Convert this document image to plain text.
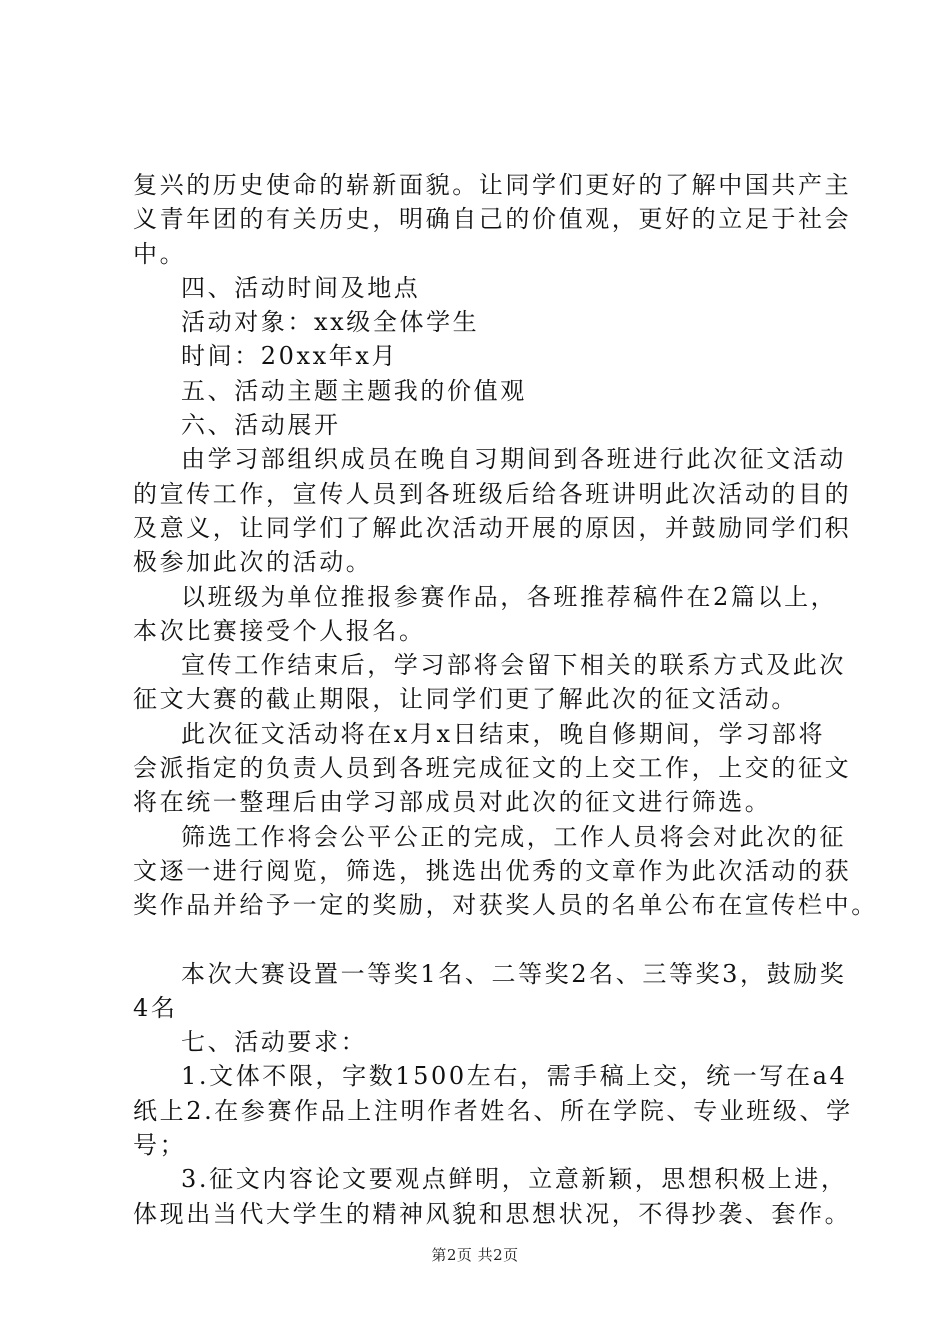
复兴的历史使命的崭新面貌。让同学们更好的了解中国共产主
义青年团的有关历史，明确自己的价值观，更好的立足于社会
中。
四、活动时间及地点
活动对象：xx级全体学生
时间：20xx年x月
五、活动主题主题我的价值观
六、活动展开
由学习部组织成员在晚自习期间到各班进行此次征文活动
的宣传工作，宣传人员到各班级后给各班讲明此次活动的目的
及意义，让同学们了解此次活动开展的原因，并鼓励同学们积
极参加此次的活动。
以班级为单位推报参赛作品，各班推荐稿件在2篇以上，
本次比赛接受个人报名。
宣传工作结束后，学习部将会留下相关的联系方式及此次
征文大赛的截止期限，让同学们更了解此次的征文活动。
此次征文活动将在x月x日结束，晚自修期间，学习部将
会派指定的负责人员到各班完成征文的上交工作，上交的征文
将在统一整理后由学习部成员对此次的征文进行筛选。
筛选工作将会公平公正的完成，工作人员将会对此次的征
文逐一进行阅览，筛选，挑选出优秀的文章作为此次活动的获
奖作品并给予一定的奖励，对获奖人员的名单公布在宣传栏中。
本次大赛设置一等奖1名、二等奖2名、三等奖3，鼓励奖
4名
七、活动要求：
1.文体不限，字数1500左右，需手稿上交，统一写在a4
纸上2.在参赛作品上注明作者姓名、所在学院、专业班级、学
号；
3.征文内容论文要观点鲜明，立意新颖，思想积极上进，
体现出当代大学生的精神风貌和思想状况，不得抄袭、套作。
第2页 共2页
